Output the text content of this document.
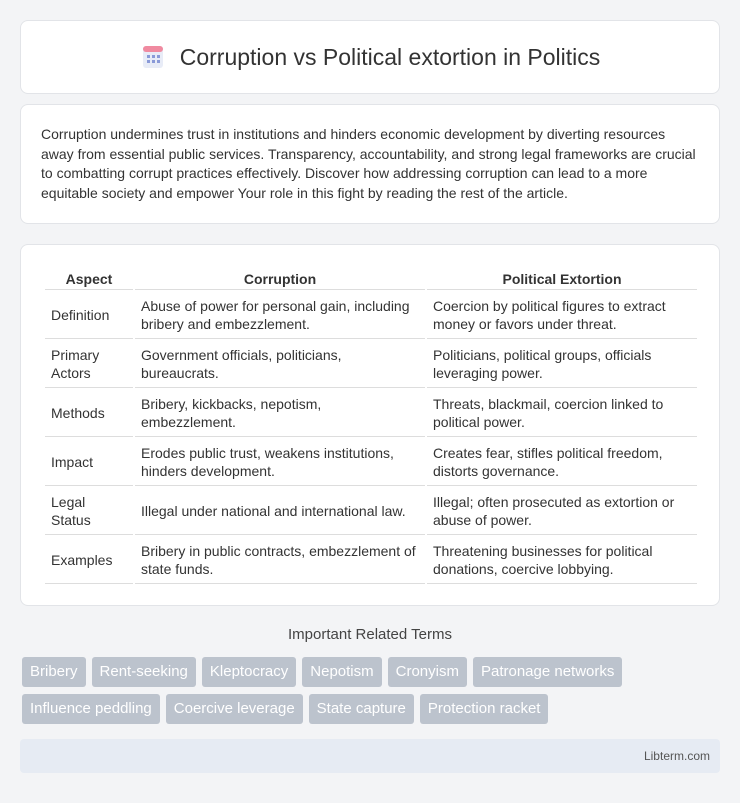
Corruption vs Political extortion in Politics

Corruption undermines trust in institutions and hinders economic development by diverting resources away from essential public services. Transparency, accountability, and strong legal frameworks are crucial to combatting corrupt practices effectively. Discover how addressing corruption can lead to a more equitable society and empower Your role in this fight by reading the rest of the article.

Aspect	Corruption	Political Extortion
Definition	Abuse of power for personal gain, including bribery and embezzlement.	Coercion by political figures to extract money or favors under threat.
Primary Actors	Government officials, politicians, bureaucrats.	Politicians, political groups, officials leveraging power.
Methods	Bribery, kickbacks, nepotism, embezzlement.	Threats, blackmail, coercion linked to political power.
Impact	Erodes public trust, weakens institutions, hinders development.	Creates fear, stifles political freedom, distorts governance.
Legal Status	Illegal under national and international law.	Illegal; often prosecuted as extortion or abuse of power.
Examples	Bribery in public contracts, embezzlement of state funds.	Threatening businesses for political donations, coercive lobbying.
Important Related Terms
Bribery	Rent-seeking	Kleptocracy	Nepotism	Cronyism	Patronage networks
Influence peddling	Coercive leverage	State capture	Protection racket
Libterm.com
